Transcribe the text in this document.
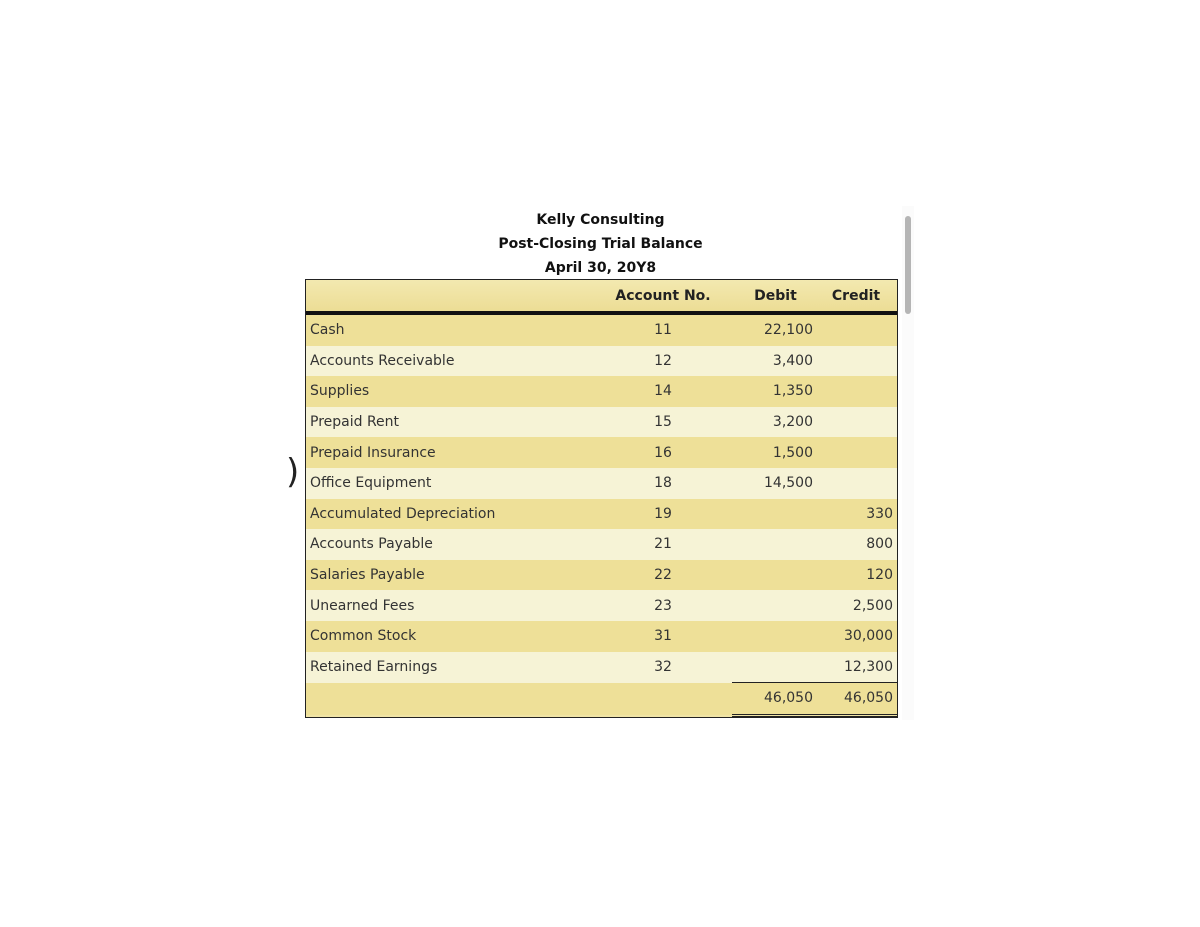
Kelly Consulting
Post-Closing Trial Balance
April 30, 20Y8
)
	Account No.	Debit	Credit
Cash	11	22,100	
Accounts Receivable	12	3,400	
Supplies	14	1,350	
Prepaid Rent	15	3,200	
Prepaid Insurance	16	1,500	
Office Equipment	18	14,500	
Accumulated Depreciation	19		330
Accounts Payable	21		800
Salaries Payable	22		120
Unearned Fees	23		2,500
Common Stock	31		30,000
Retained Earnings	32		12,300
		46,050	46,050
